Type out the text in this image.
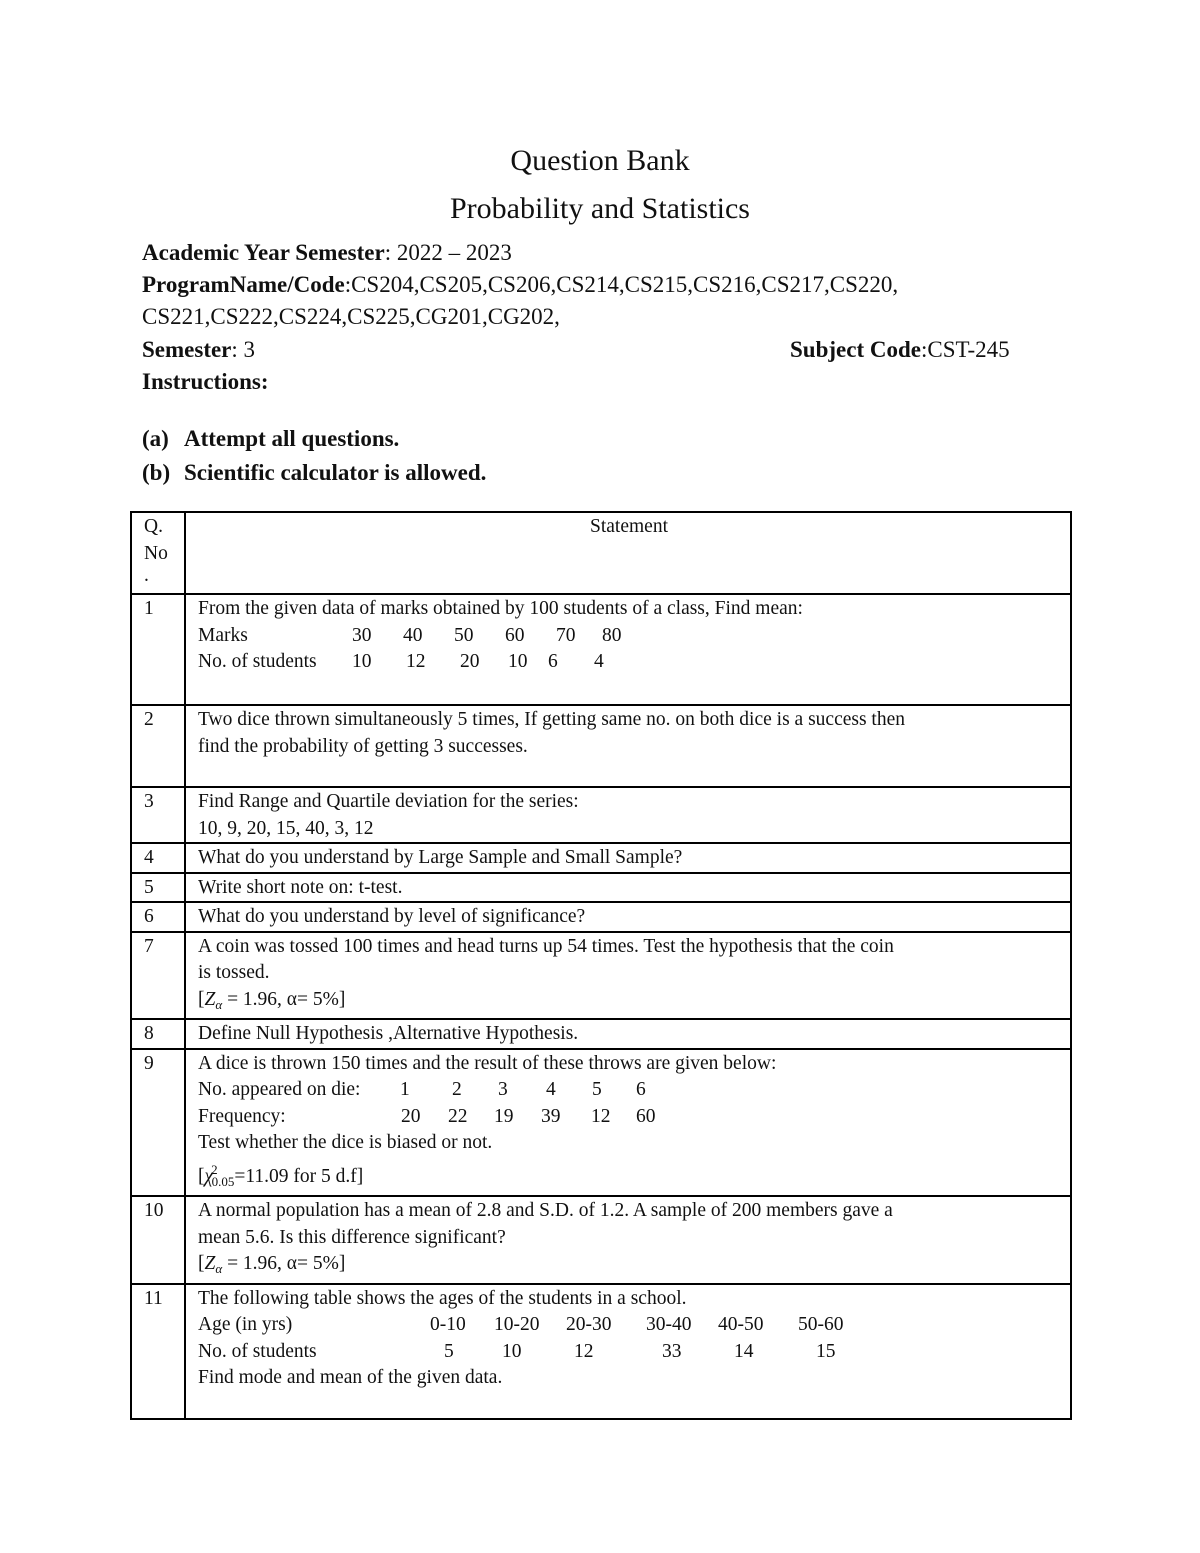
Question Bank
Probability and Statistics
Academic Year Semester: 2022 – 2023
ProgramName/Code:CS204,CS205,CS206,CS214,CS215,CS216,CS217,CS220,
CS221,CS222,CS224,CS225,CG201,CG202,
Semester: 3	Subject Code:CST-245
Instructions:
(a) Attempt all questions.
(b) Scientific calculator is allowed.
Q.
No
.	Statement
1	From the given data of marks obtained by 100 students of a class, Find mean:
Marks 30 40 50 60 70 80
No. of students 10 12 20 10 6 4

2	Two dice thrown simultaneously 5 times, If getting same no. on both dice is a success then
find the probability of getting 3 successes.

3	Find Range and Quartile deviation for the series:
10, 9, 20, 15, 40, 3, 12

4	What do you understand by Large Sample and Small Sample?
5	Write short note on: t-test.
6	What do you understand by level of significance?
7	A coin was tossed 100 times and head turns up 54 times. Test the hypothesis that the coin
is tossed.
[$Z_\alpha = 1.96$, α= 5%]

8	Define Null Hypothesis ,Alternative Hypothesis.
9	A dice is thrown 150 times and the result of these throws are given below:
No. appeared on die: 1 2 3 4 5 6
Frequency: 20 22 19 39 12 60
Test whether the dice is biased or not.
[$\chi^2_{0.05}=11.09$ for 5 d.f]

10	A normal population has a mean of 2.8 and S.D. of 1.2. A sample of 200 members gave a
mean 5.6. Is this difference significant?
[$Z_\alpha = 1.96$, α= 5%]

11	The following table shows the ages of the students in a school.
Age (in yrs) 0-10 10-20 20-30 30-40 40-50 50-60
No. of students 5 10 12 33 14 15
Find mode and mean of the given data.
